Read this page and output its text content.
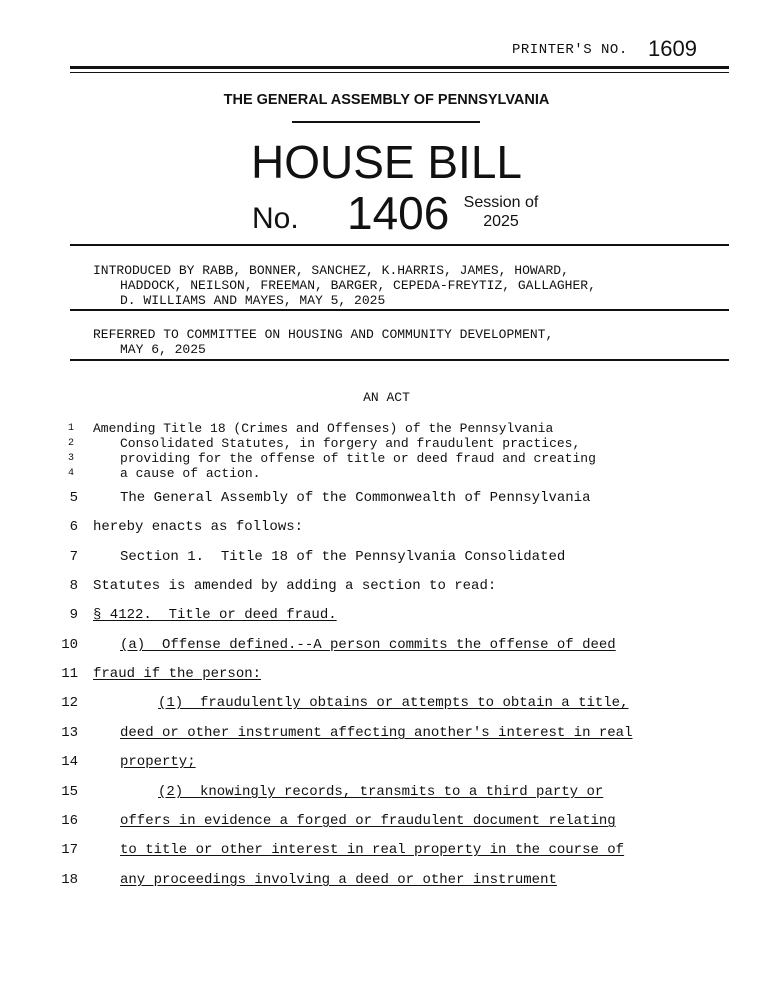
PRINTER'S NO. 1609
THE GENERAL ASSEMBLY OF PENNSYLVANIA
HOUSE BILL
No. 1406 Session of
2025
INTRODUCED BY RABB, BONNER, SANCHEZ, K.HARRIS, JAMES, HOWARD,
HADDOCK, NEILSON, FREEMAN, BARGER, CEPEDA-FREYTIZ, GALLAGHER,
D. WILLIAMS AND MAYES, MAY 5, 2025
REFERRED TO COMMITTEE ON HOUSING AND COMMUNITY DEVELOPMENT,
MAY 6, 2025
AN ACT
1 Amending Title 18 (Crimes and Offenses) of the Pennsylvania
2	Consolidated Statutes, in forgery and fraudulent practices,
3	providing for the offense of title or deed fraud and creating
4	a cause of action.
5	The General Assembly of the Commonwealth of Pennsylvania
6 hereby enacts as follows:
7	Section 1.  Title 18 of the Pennsylvania Consolidated
8 Statutes is amended by adding a section to read:
9 § 4122.  Title or deed fraud.
10	(a)  Offense defined.--A person commits the offense of deed
11 fraud if the person:
12	(1)  fraudulently obtains or attempts to obtain a title,
13	deed or other instrument affecting another's interest in real
14	property;
15	(2)  knowingly records, transmits to a third party or
16	offers in evidence a forged or fraudulent document relating
17	to title or other interest in real property in the course of
18	any proceedings involving a deed or other instrument
